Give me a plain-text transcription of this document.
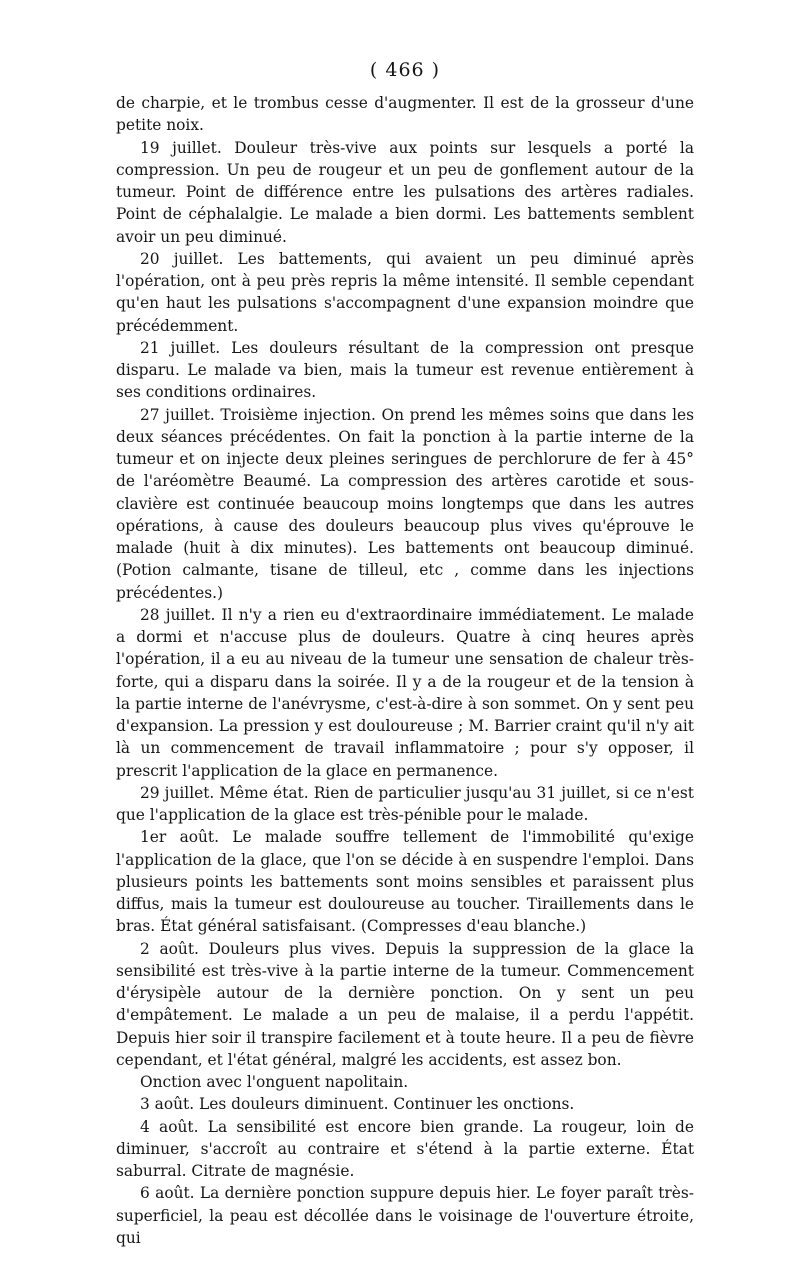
( 466 )

de charpie, et le trombus cesse d'augmenter. Il est de la grosseur d'une petite noix.

19 juillet. Douleur très-vive aux points sur lesquels a porté la compression. Un peu de rougeur et un peu de gonflement autour de la tumeur. Point de différence entre les pulsations des artères radiales. Point de céphalalgie. Le malade a bien dormi. Les battements semblent avoir un peu diminué.

20 juillet. Les battements, qui avaient un peu diminué après l'opération, ont à peu près repris la même intensité. Il semble cependant qu'en haut les pulsations s'accompagnent d'une expansion moindre que précédemment.

21 juillet. Les douleurs résultant de la compression ont presque disparu. Le malade va bien, mais la tumeur est revenue entièrement à ses conditions ordinaires.

27 juillet. Troisième injection. On prend les mêmes soins que dans les deux séances précédentes. On fait la ponction à la partie interne de la tumeur et on injecte deux pleines seringues de perchlorure de fer à 45° de l'aréomètre Beaumé. La compression des artères carotide et sous-clavière est continuée beaucoup moins longtemps que dans les autres opérations, à cause des douleurs beaucoup plus vives qu'éprouve le malade (huit à dix minutes). Les battements ont beaucoup diminué. (Potion calmante, tisane de tilleul, etc , comme dans les injections précédentes.)

28 juillet. Il n'y a rien eu d'extraordinaire immédiatement. Le malade a dormi et n'accuse plus de douleurs. Quatre à cinq heures après l'opération, il a eu au niveau de la tumeur une sensation de chaleur très-forte, qui a disparu dans la soirée. Il y a de la rougeur et de la tension à la partie interne de l'anévrysme, c'est-à-dire à son sommet. On y sent peu d'expansion. La pression y est douloureuse ; M. Barrier craint qu'il n'y ait là un commencement de travail inflammatoire ; pour s'y opposer, il prescrit l'application de la glace en permanence.

29 juillet. Même état. Rien de particulier jusqu'au 31 juillet, si ce n'est que l'application de la glace est très-pénible pour le malade.

1er août. Le malade souffre tellement de l'immobilité qu'exige l'application de la glace, que l'on se décide à en suspendre l'emploi. Dans plusieurs points les battements sont moins sensibles et paraissent plus diffus, mais la tumeur est douloureuse au toucher. Tiraillements dans le bras. État général satisfaisant. (Compresses d'eau blanche.)

2 août. Douleurs plus vives. Depuis la suppression de la glace la sensibilité est très-vive à la partie interne de la tumeur. Commencement d'érysipèle autour de la dernière ponction. On y sent un peu d'empâtement. Le malade a un peu de malaise, il a perdu l'appétit. Depuis hier soir il transpire facilement et à toute heure. Il a peu de fièvre cependant, et l'état général, malgré les accidents, est assez bon.

Onction avec l'onguent napolitain.

3 août. Les douleurs diminuent. Continuer les onctions.

4 août. La sensibilité est encore bien grande. La rougeur, loin de diminuer, s'accroît au contraire et s'étend à la partie externe. État saburral. Citrate de magnésie.

6 août. La dernière ponction suppure depuis hier. Le foyer paraît très-superficiel, la peau est décollée dans le voisinage de l'ouverture étroite, qui
